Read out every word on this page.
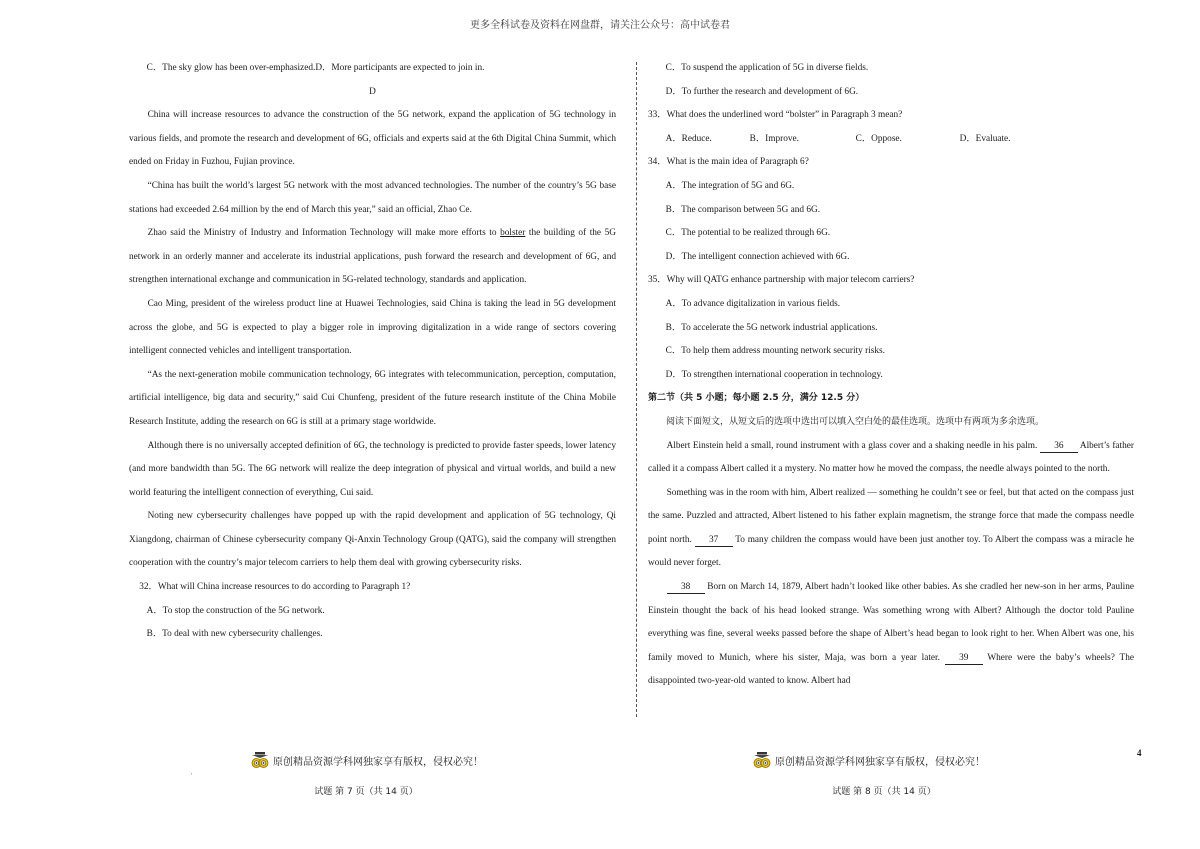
更多全科试卷及资料在网盘群，请关注公众号：高中试卷君

C．The sky glow has been over-emphasized.D．More participants are expected to join in.

D

China will increase resources to advance the construction of the 5G network, expand the application of 5G technology in various fields, and promote the research and development of 6G, officials and experts said at the 6th Digital China Summit, which ended on Friday in Fuzhou, Fujian province.

“China has built the world’s largest 5G network with the most advanced technologies. The number of the country’s 5G base stations had exceeded 2.64 million by the end of March this year,” said an official, Zhao Ce.

Zhao said the Ministry of Industry and Information Technology will make more efforts to bolster the building of the 5G network in an orderly manner and accelerate its industrial applications, push forward the research and development of 6G, and strengthen international exchange and communication in 5G-related technology, standards and application.

Cao Ming, president of the wireless product line at Huawei Technologies, said China is taking the lead in 5G development across the globe, and 5G is expected to play a bigger role in improving digitalization in a wide range of sectors covering intelligent connected vehicles and intelligent transportation.

“As the next-generation mobile communication technology, 6G integrates with telecommunication, perception, computation, artificial intelligence, big data and security,” said Cui Chunfeng, president of the future research institute of the China Mobile Research Institute, adding the research on 6G is still at a primary stage worldwide.

Although there is no universally accepted definition of 6G, the technology is predicted to provide faster speeds, lower latency (and more bandwidth than 5G. The 6G network will realize the deep integration of physical and virtual worlds, and build a new world featuring the intelligent connection of everything, Cui said.

Noting new cybersecurity challenges have popped up with the rapid development and application of 5G technology, Qi Xiangdong, chairman of Chinese cybersecurity company Qi-Anxin Technology Group (QATG), said the company will strengthen cooperation with the country’s major telecom carriers to help them deal with growing cybersecurity risks.

32．What will China increase resources to do according to Paragraph 1?

A．To stop the construction of the 5G network.

B．To deal with new cybersecurity challenges.

C．To suspend the application of 5G in diverse fields.

D．To further the research and development of 6G.

33．What does the underlined word “bolster” in Paragraph 3 mean?

A．Reduce.	B．Improve.	C．Oppose.	D．Evaluate.

34．What is the main idea of Paragraph 6?

A．The integration of 5G and 6G.

B．The comparison between 5G and 6G.

C．The potential to be realized through 6G.

D．The intelligent connection achieved with 6G.

35．Why will QATG enhance partnership with major telecom carriers?

A．To advance digitalization in various fields.

B．To accelerate the 5G network industrial applications.

C．To help them address mounting network security risks.

D．To strengthen international cooperation in technology.

第二节（共 5 小题；每小题 2.5 分，满分 12.5 分）

阅读下面短文，从短文后的选项中选出可以填入空白处的最佳选项。选项中有两项为多余选项。

Albert Einstein held a small, round instrument with a glass cover and a shaking needle in his palm. 36 Albert’s father called it a compass Albert called it a mystery. No matter how he moved the compass, the needle always pointed to the north.

Something was in the room with him, Albert realized — something he couldn’t see or feel, but that acted on the compass just the same. Puzzled and attracted, Albert listened to his father explain magnetism, the strange force that made the compass needle point north. 37 To many children the compass would have been just another toy. To Albert the compass was a miracle he would never forget.

38 Born on March 14, 1879, Albert hadn’t looked like other babies. As she cradled her new-son in her arms, Pauline Einstein thought the back of his head looked strange. Was something wrong with Albert? Although the doctor told Pauline everything was fine, several weeks passed before the shape of Albert’s head began to look right to her. When Albert was one, his family moved to Munich, where his sister, Maja, was born a year later. 39 Where were the baby’s wheels? The disappointed two-year-old wanted to know. Albert had

原创精品资源学科网独家享有版权，侵权必究！	原创精品资源学科网独家享有版权，侵权必究！
'
4
试题 第 7 页（共 14 页）	试题 第 8 页（共 14 页）
